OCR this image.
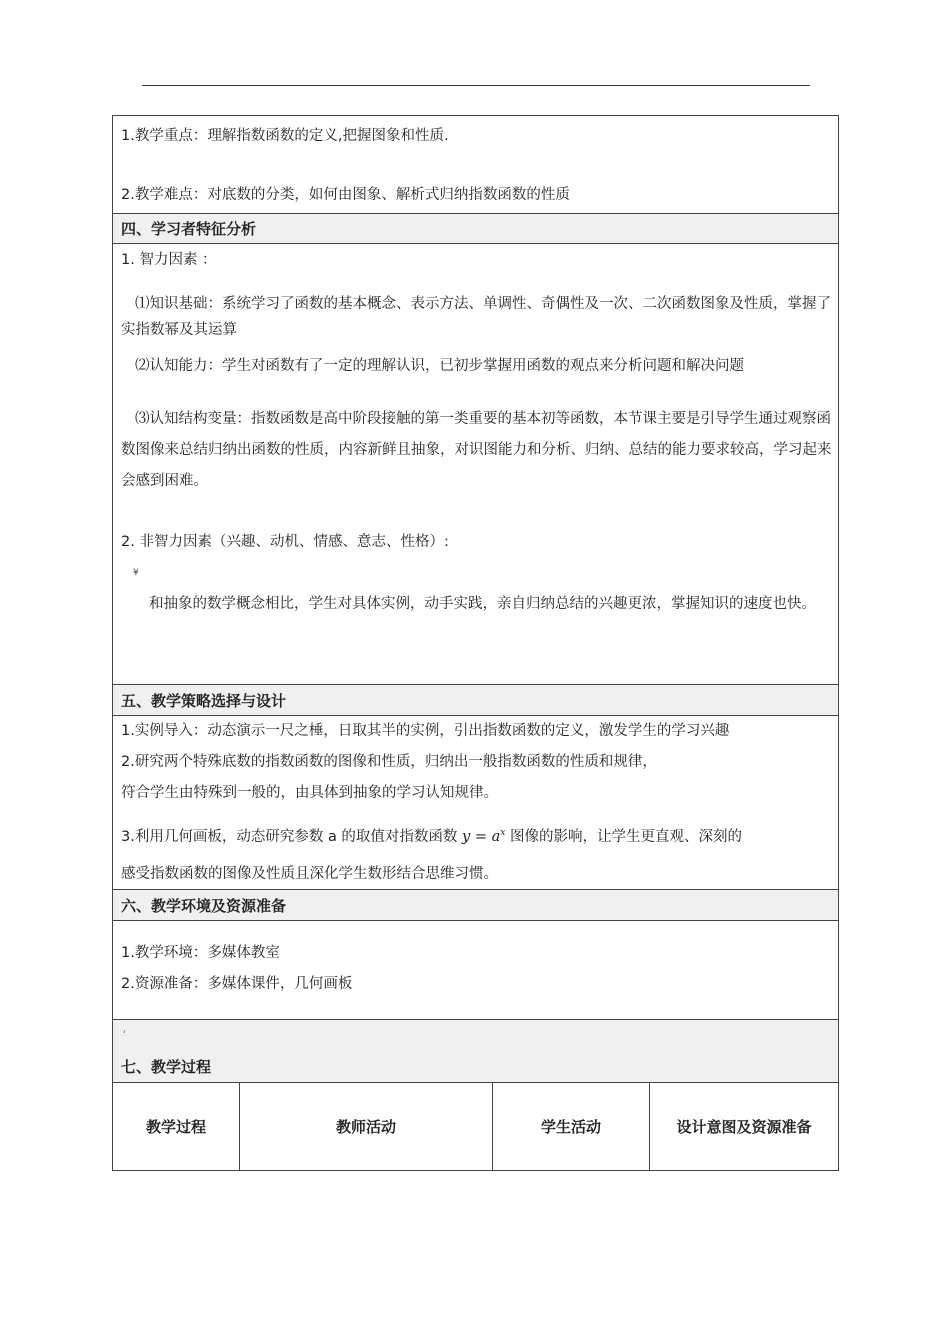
1.教学重点：理解指数函数的定义,把握图象和性质.
2.教学难点：对底数的分类，如何由图象、解析式归纳指数函数的性质
四、学习者特征分析
1. 智力因素 ：
⑴知识基础：系统学习了函数的基本概念、表示方法、单调性、奇偶性及一次、二次函数图象及性质，掌握了实指数幂及其运算
⑵认知能力：学生对函数有了一定的理解认识，已初步掌握用函数的观点来分析问题和解决问题
⑶认知结构变量：指数函数是高中阶段接触的第一类重要的基本初等函数，本节课主要是引导学生通过观察函数图像来总结归纳出函数的性质，内容新鲜且抽象，对识图能力和分析、归纳、总结的能力要求较高，学习起来会感到困难。
2. 非智力因素（兴趣、动机、情感、意志、性格）:
¥
和抽象的数学概念相比，学生对具体实例，动手实践，亲自归纳总结的兴趣更浓，掌握知识的速度也快。
五、教学策略选择与设计
1.实例导入：动态演示一尺之棰，日取其半的实例，引出指数函数的定义，激发学生的学习兴趣
2.研究两个特殊底数的指数函数的图像和性质，归纳出一般指数函数的性质和规律，
符合学生由特殊到一般的，由具体到抽象的学习认知规律。
3.利用几何画板，动态研究参数 a 的取值对指数函数 $y = a^x$ 图像的影响，让学生更直观、深刻的
感受指数函数的图像及性质且深化学生数形结合思维习惯。
六、教学环境及资源准备
1.教学环境：多媒体教室
2.资源准备：多媒体课件，几何画板
'
七、教学过程
教学过程	教师活动	学生活动	设计意图及资源准备
